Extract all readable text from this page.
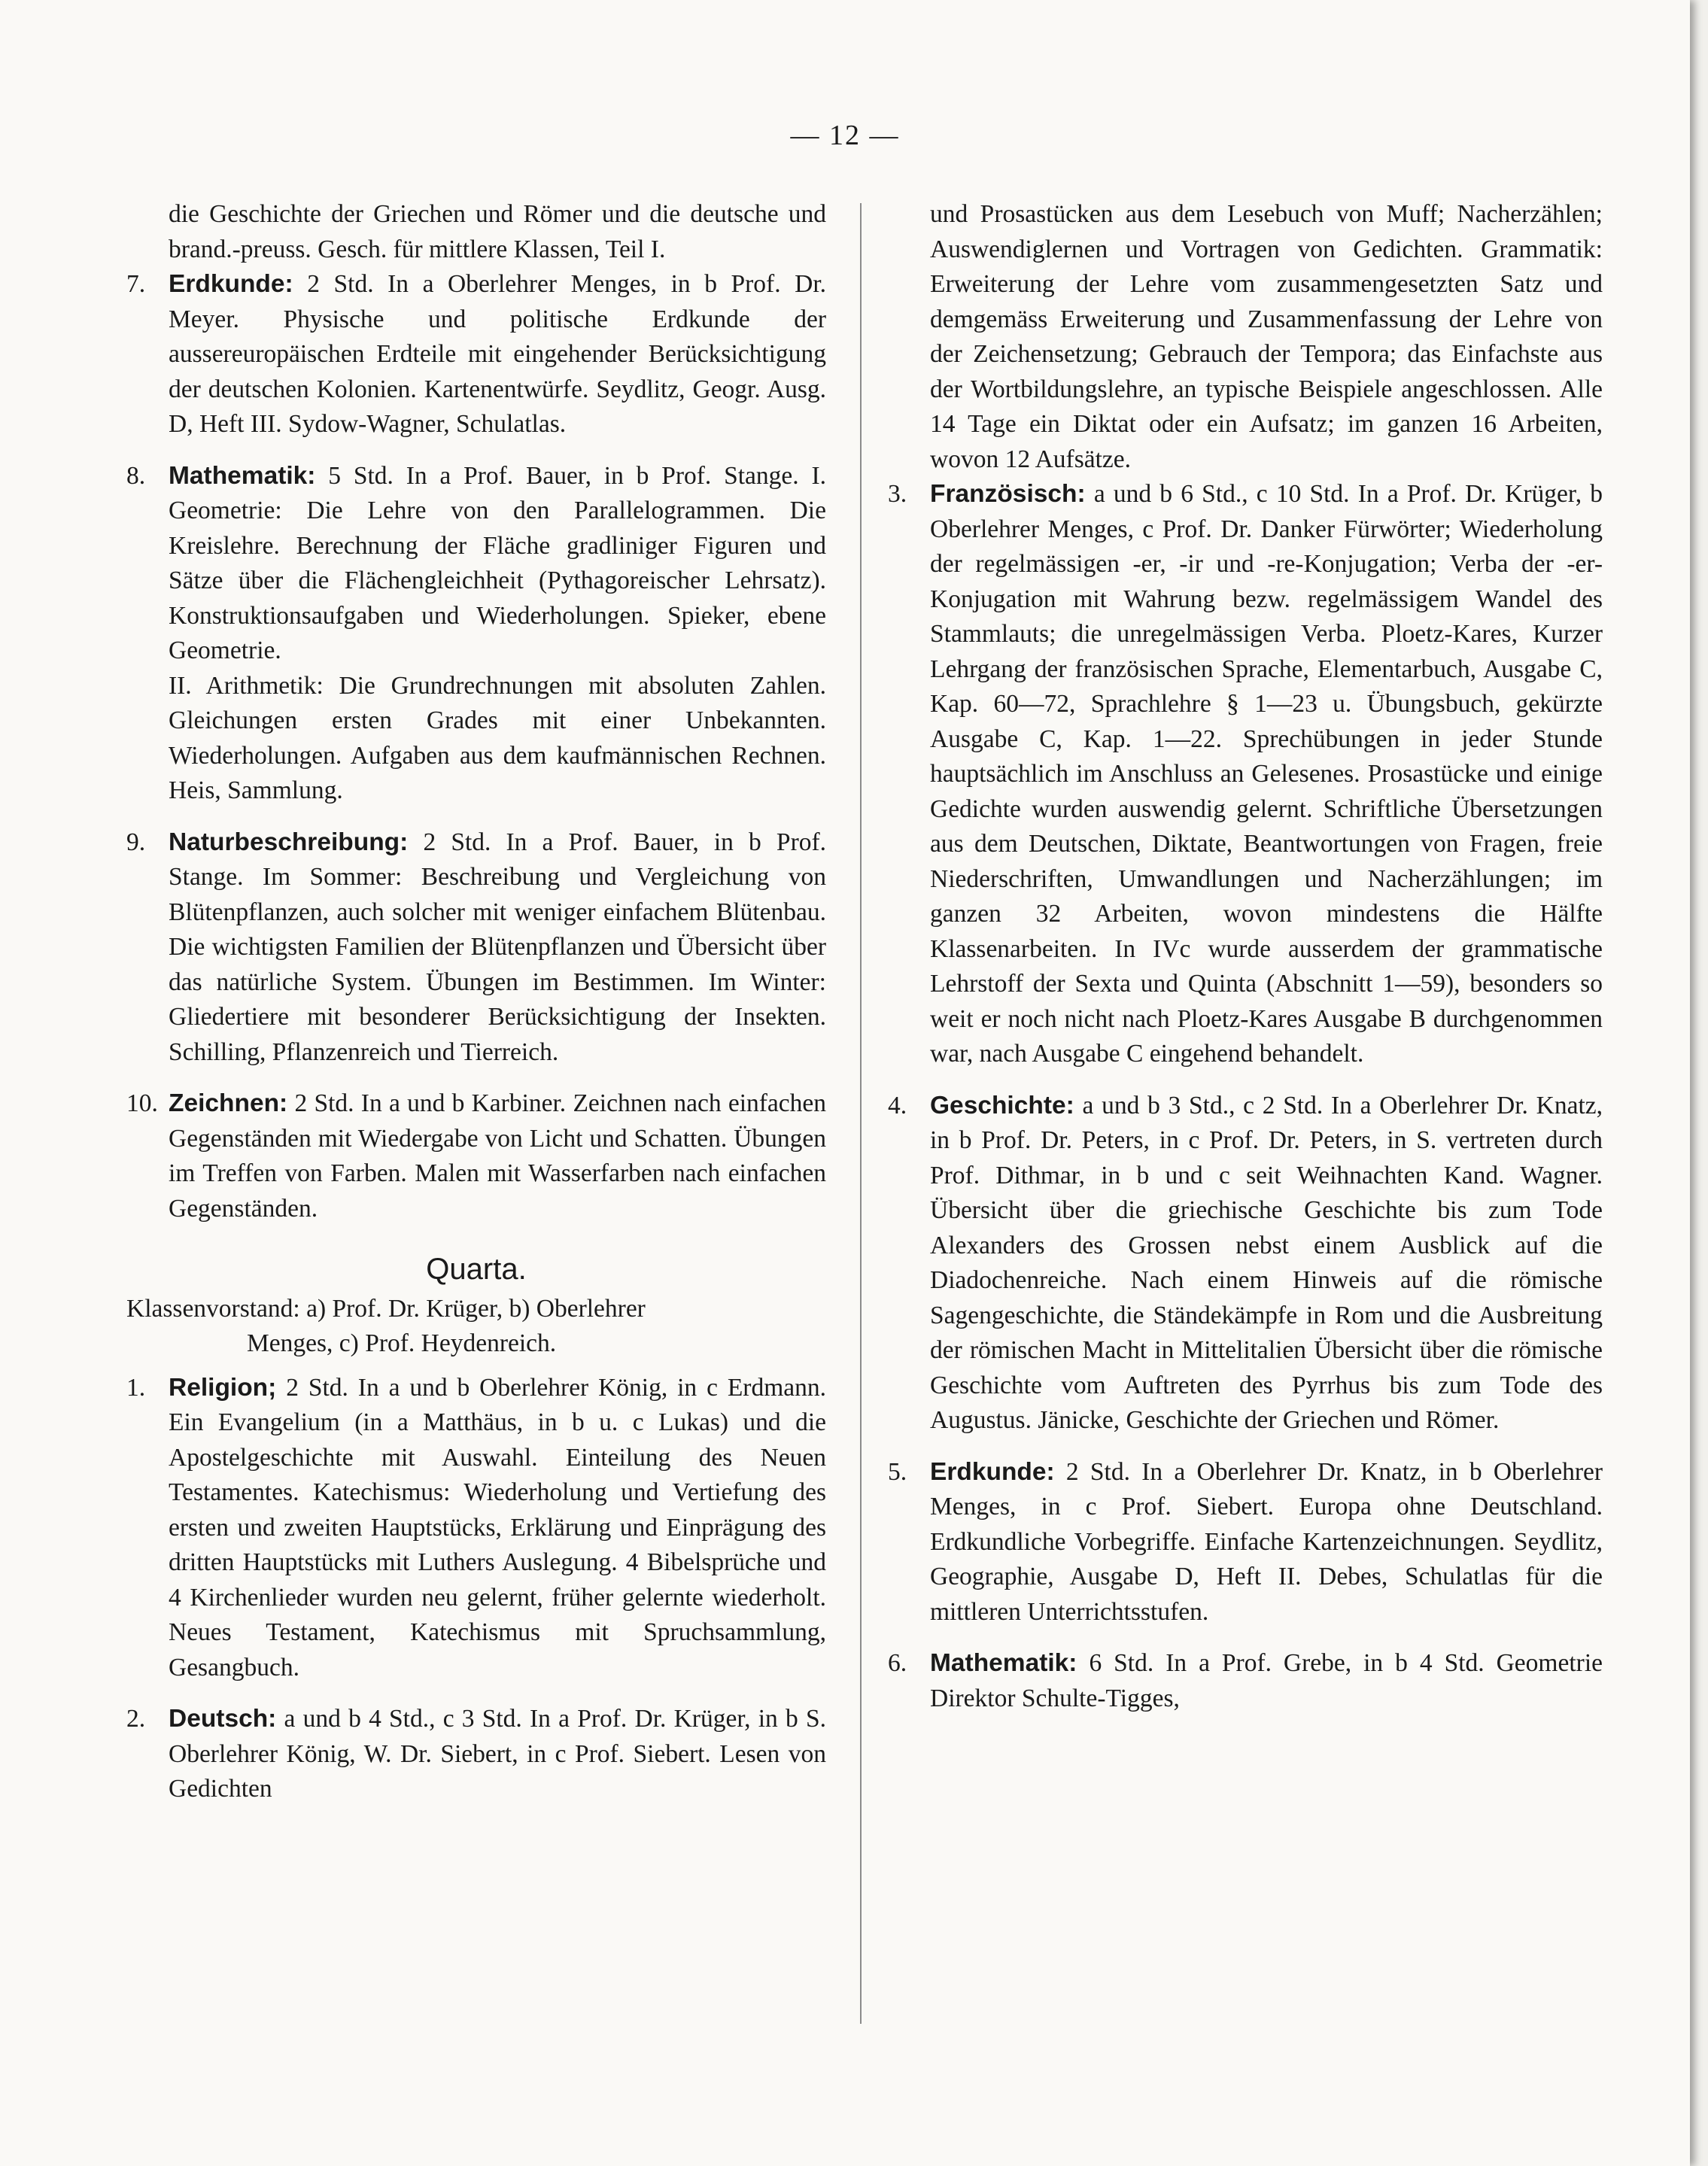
— 12 —

die Geschichte der Griechen und Römer und die deutsche und brand.-preuss. Gesch. für mittlere Klassen, Teil I.

7. Erdkunde: 2 Std. In a Oberlehrer Menges, in b Prof. Dr. Meyer. Physische und politische Erdkunde der aussereuropäischen Erdteile mit eingehender Berücksichtigung der deutschen Kolonien. Kartenentwürfe. Seydlitz, Geogr. Ausg. D, Heft III. Sydow-Wagner, Schulatlas.

8. Mathematik: 5 Std. In a Prof. Bauer, in b Prof. Stange. I. Geometrie: Die Lehre von den Parallelogrammen. Die Kreislehre. Berechnung der Fläche gradliniger Figuren und Sätze über die Flächengleichheit (Pythagoreischer Lehrsatz). Konstruktionsaufgaben und Wiederholungen. Spieker, ebene Geometrie.

II. Arithmetik: Die Grundrechnungen mit absoluten Zahlen. Gleichungen ersten Grades mit einer Unbekannten. Wiederholungen. Aufgaben aus dem kaufmännischen Rechnen. Heis, Sammlung.

9. Naturbeschreibung: 2 Std. In a Prof. Bauer, in b Prof. Stange. Im Sommer: Beschreibung und Vergleichung von Blütenpflanzen, auch solcher mit weniger einfachem Blütenbau. Die wichtigsten Familien der Blütenpflanzen und Übersicht über das natürliche System. Übungen im Bestimmen. Im Winter: Gliedertiere mit besonderer Berücksichtigung der Insekten. Schilling, Pflanzenreich und Tierreich.

10. Zeichnen: 2 Std. In a und b Karbiner. Zeichnen nach einfachen Gegenständen mit Wiedergabe von Licht und Schatten. Übungen im Treffen von Farben. Malen mit Wasserfarben nach einfachen Gegenständen.

Quarta.

Klassenvorstand: a) Prof. Dr. Krüger, b) Oberlehrer

Menges, c) Prof. Heydenreich.

1. Religion; 2 Std. In a und b Oberlehrer König, in c Erdmann. Ein Evangelium (in a Matthäus, in b u. c Lukas) und die Apostelgeschichte mit Auswahl. Einteilung des Neuen Testamentes. Katechismus: Wiederholung und Vertiefung des ersten und zweiten Hauptstücks, Erklärung und Einprägung des dritten Hauptstücks mit Luthers Auslegung. 4 Bibelsprüche und 4 Kirchenlieder wurden neu gelernt, früher gelernte wiederholt. Neues Testament, Katechismus mit Spruchsammlung, Gesangbuch.

2. Deutsch: a und b 4 Std., c 3 Std. In a Prof. Dr. Krüger, in b S. Oberlehrer König, W. Dr. Siebert, in c Prof. Siebert. Lesen von Gedichten

und Prosastücken aus dem Lesebuch von Muff; Nacherzählen; Auswendiglernen und Vortragen von Gedichten. Grammatik: Erweiterung der Lehre vom zusammengesetzten Satz und demgemäss Erweiterung und Zusammenfassung der Lehre von der Zeichensetzung; Gebrauch der Tempora; das Einfachste aus der Wortbildungslehre, an typische Beispiele angeschlossen. Alle 14 Tage ein Diktat oder ein Aufsatz; im ganzen 16 Arbeiten, wovon 12 Aufsätze.

3. Französisch: a und b 6 Std., c 10 Std. In a Prof. Dr. Krüger, b Oberlehrer Menges, c Prof. Dr. Danker Fürwörter; Wiederholung der regelmässigen -er, -ir und -re-Konjugation; Verba der -er-Konjugation mit Wahrung bezw. regelmässigem Wandel des Stammlauts; die unregelmässigen Verba. Ploetz-Kares, Kurzer Lehrgang der französischen Sprache, Elementarbuch, Ausgabe C, Kap. 60—72, Sprachlehre § 1—23 u. Übungsbuch, gekürzte Ausgabe C, Kap. 1—22. Sprechübungen in jeder Stunde hauptsächlich im Anschluss an Gelesenes. Prosastücke und einige Gedichte wurden auswendig gelernt. Schriftliche Übersetzungen aus dem Deutschen, Diktate, Beantwortungen von Fragen, freie Niederschriften, Umwandlungen und Nacherzählungen; im ganzen 32 Arbeiten, wovon mindestens die Hälfte Klassenarbeiten. In IVc wurde ausserdem der grammatische Lehrstoff der Sexta und Quinta (Abschnitt 1—59), besonders so weit er noch nicht nach Ploetz-Kares Ausgabe B durchgenommen war, nach Ausgabe C eingehend behandelt.

4. Geschichte: a und b 3 Std., c 2 Std. In a Oberlehrer Dr. Knatz, in b Prof. Dr. Peters, in c Prof. Dr. Peters, in S. vertreten durch Prof. Dithmar, in b und c seit Weihnachten Kand. Wagner. Übersicht über die griechische Geschichte bis zum Tode Alexanders des Grossen nebst einem Ausblick auf die Diadochenreiche. Nach einem Hinweis auf die römische Sagengeschichte, die Ständekämpfe in Rom und die Ausbreitung der römischen Macht in Mittelitalien Übersicht über die römische Geschichte vom Auftreten des Pyrrhus bis zum Tode des Augustus. Jänicke, Geschichte der Griechen und Römer.

5. Erdkunde: 2 Std. In a Oberlehrer Dr. Knatz, in b Oberlehrer Menges, in c Prof. Siebert. Europa ohne Deutschland. Erdkundliche Vorbegriffe. Einfache Kartenzeichnungen. Seydlitz, Geographie, Ausgabe D, Heft II. Debes, Schulatlas für die mittleren Unterrichtsstufen.

6. Mathematik: 6 Std. In a Prof. Grebe, in b 4 Std. Geometrie Direktor Schulte-Tigges,
